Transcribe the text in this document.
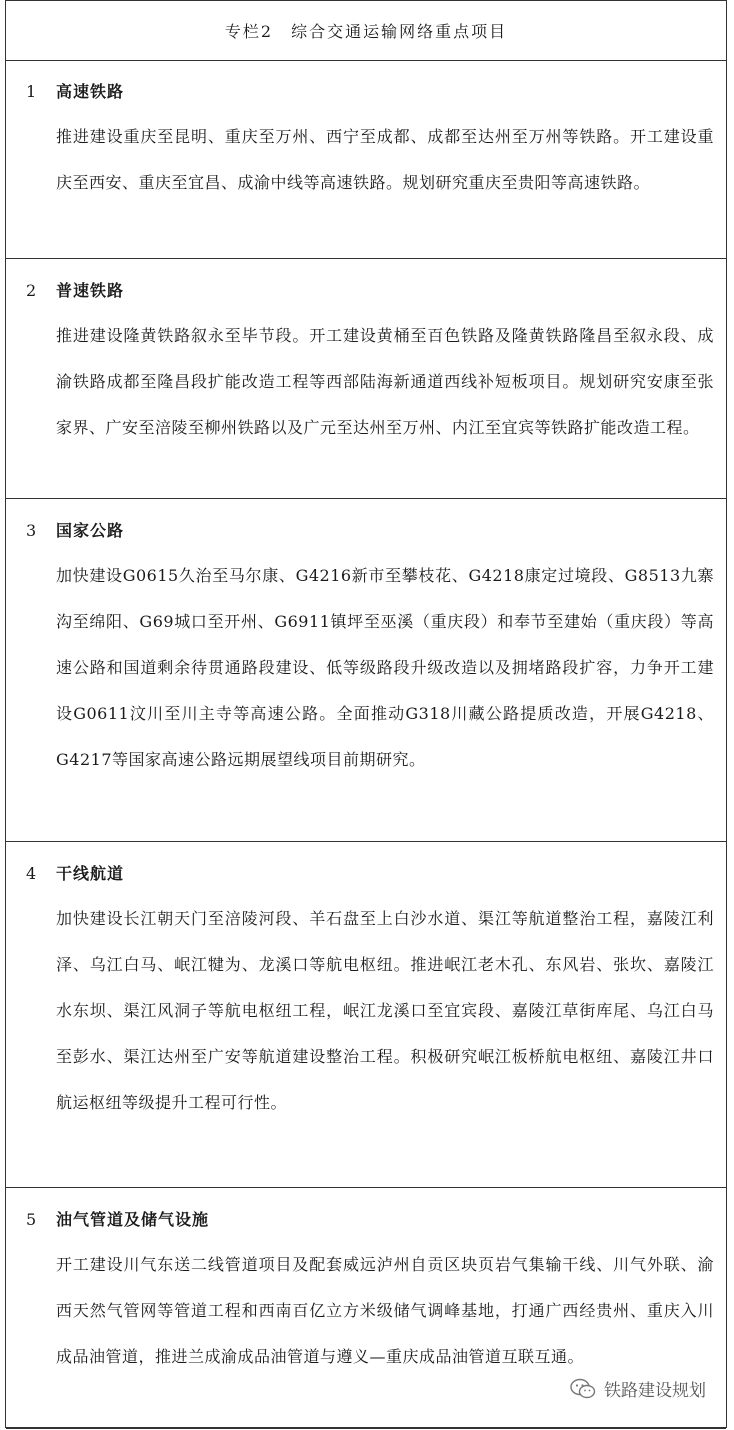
专栏2　综合交通运输网络重点项目
1 高速铁路
推进建设重庆至昆明、重庆至万州、西宁至成都、成都至达州至万州等铁路。开工建设重庆至西安、重庆至宜昌、成渝中线等高速铁路。规划研究重庆至贵阳等高速铁路。
2 普速铁路
推进建设隆黄铁路叙永至毕节段。开工建设黄桶至百色铁路及隆黄铁路隆昌至叙永段、成渝铁路成都至隆昌段扩能改造工程等西部陆海新通道西线补短板项目。规划研究安康至张家界、广安至涪陵至柳州铁路以及广元至达州至万州、内江至宜宾等铁路扩能改造工程。
3 国家公路
加快建设G0615久治至马尔康、G4216新市至攀枝花、G4218康定过境段、G8513九寨沟至绵阳、G69城口至开州、G6911镇坪至巫溪（重庆段）和奉节至建始（重庆段）等高速公路和国道剩余待贯通路段建设、低等级路段升级改造以及拥堵路段扩容，力争开工建设G0611汶川至川主寺等高速公路。全面推动G318川藏公路提质改造，开展G4218、G4217等国家高速公路远期展望线项目前期研究。
4 干线航道
加快建设长江朝天门至涪陵河段、羊石盘至上白沙水道、渠江等航道整治工程，嘉陵江利泽、乌江白马、岷江犍为、龙溪口等航电枢纽。推进岷江老木孔、东风岩、张坎、嘉陵江水东坝、渠江风洞子等航电枢纽工程，岷江龙溪口至宜宾段、嘉陵江草街库尾、乌江白马至彭水、渠江达州至广安等航道建设整治工程。积极研究岷江板桥航电枢纽、嘉陵江井口航运枢纽等级提升工程可行性。
5 油气管道及储气设施
开工建设川气东送二线管道项目及配套威远泸州自贡区块页岩气集输干线、川气外联、渝西天然气管网等管道工程和西南百亿立方米级储气调峰基地，打通广西经贵州、重庆入川成品油管道，推进兰成渝成品油管道与遵义—重庆成品油管道互联互通。
铁路建设规划
